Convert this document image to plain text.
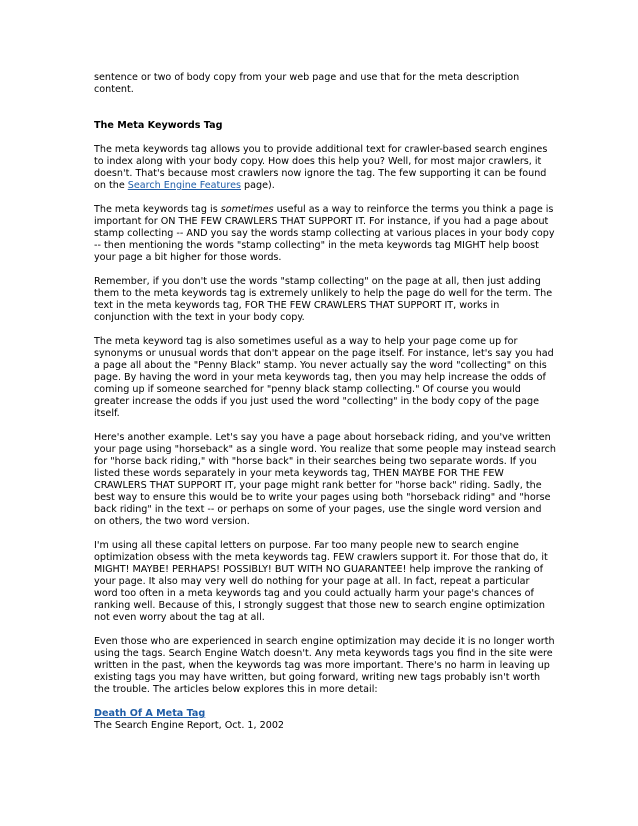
sentence or two of body copy from your web page and use that for the meta description content.

The Meta Keywords Tag

The meta keywords tag allows you to provide additional text for crawler-based search engines to index along with your body copy. How does this help you? Well, for most major crawlers, it doesn't. That's because most crawlers now ignore the tag. The few supporting it can be found on the Search Engine Features page).

The meta keywords tag is sometimes useful as a way to reinforce the terms you think a page is important for ON THE FEW CRAWLERS THAT SUPPORT IT. For instance, if you had a page about stamp collecting -- AND you say the words stamp collecting at various places in your body copy -- then mentioning the words "stamp collecting" in the meta keywords tag MIGHT help boost your page a bit higher for those words.

Remember, if you don't use the words "stamp collecting" on the page at all, then just adding them to the meta keywords tag is extremely unlikely to help the page do well for the term. The text in the meta keywords tag, FOR THE FEW CRAWLERS THAT SUPPORT IT, works in conjunction with the text in your body copy.

The meta keyword tag is also sometimes useful as a way to help your page come up for synonyms or unusual words that don't appear on the page itself. For instance, let's say you had a page all about the "Penny Black" stamp. You never actually say the word "collecting" on this page. By having the word in your meta keywords tag, then you may help increase the odds of coming up if someone searched for "penny black stamp collecting." Of course you would greater increase the odds if you just used the word "collecting" in the body copy of the page itself.

Here's another example. Let's say you have a page about horseback riding, and you've written your page using "horseback" as a single word. You realize that some people may instead search for "horse back riding," with "horse back" in their searches being two separate words. If you listed these words separately in your meta keywords tag, THEN MAYBE FOR THE FEW CRAWLERS THAT SUPPORT IT, your page might rank better for "horse back" riding. Sadly, the best way to ensure this would be to write your pages using both "horseback riding" and "horse back riding" in the text -- or perhaps on some of your pages, use the single word version and on others, the two word version.

I'm using all these capital letters on purpose. Far too many people new to search engine optimization obsess with the meta keywords tag. FEW crawlers support it. For those that do, it MIGHT! MAYBE! PERHAPS! POSSIBLY! BUT WITH NO GUARANTEE! help improve the ranking of your page. It also may very well do nothing for your page at all. In fact, repeat a particular word too often in a meta keywords tag and you could actually harm your page's chances of ranking well. Because of this, I strongly suggest that those new to search engine optimization not even worry about the tag at all.

Even those who are experienced in search engine optimization may decide it is no longer worth using the tags. Search Engine Watch doesn't. Any meta keywords tags you find in the site were written in the past, when the keywords tag was more important. There's no harm in leaving up existing tags you may have written, but going forward, writing new tags probably isn't worth the trouble. The articles below explores this in more detail:

Death Of A Meta Tag

The Search Engine Report, Oct. 1, 2002
